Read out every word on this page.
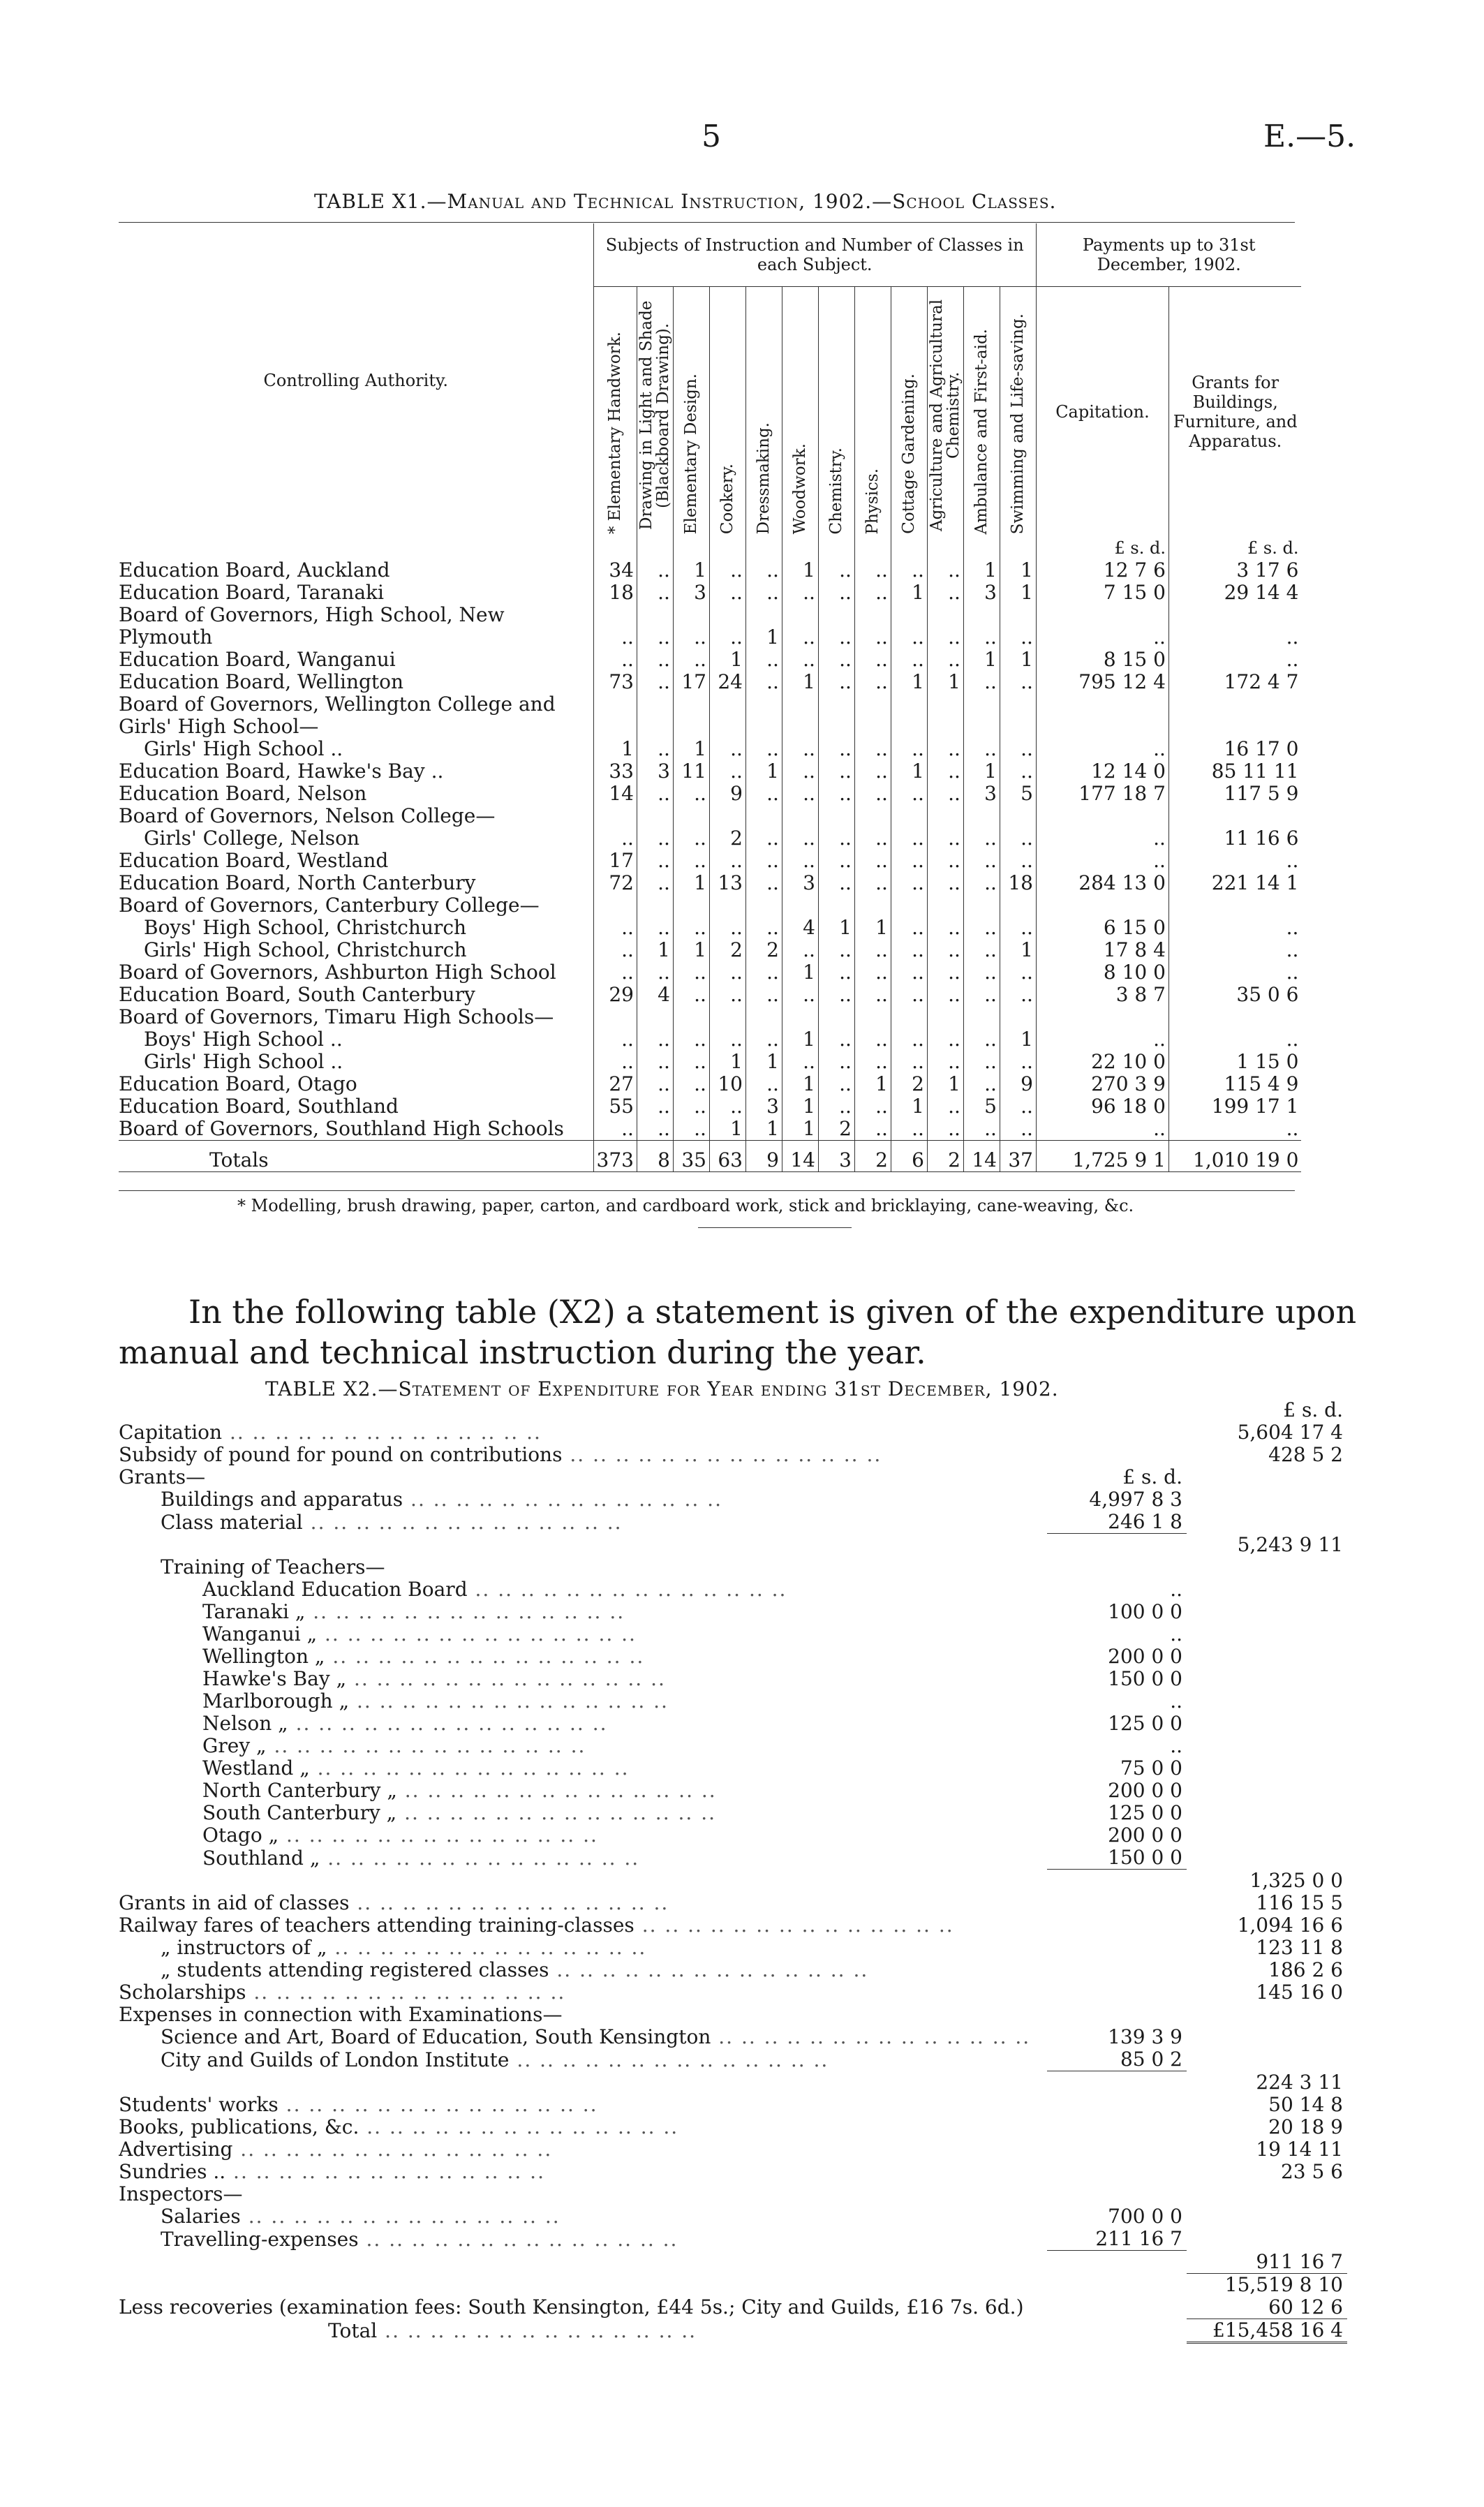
5	E.—5.
TABLE X1.—Manual and Technical Instruction, 1902.—School Classes.
Controlling Authority.	Subjects of Instruction and Number of Classes in each Subject.												Payments up to 31st December, 1902.	

	* Elementary Handwork.	Drawing in Light and Shade (Blackboard Drawing).	Elementary Design.	Cookery.	Dressmaking.	Woodwork.	Chemistry.	Physics.	Cottage Gardening.	Agriculture and Agricultural Chemistry.	Ambulance and First-aid.	Swimming and Life-saving.	Capitation.	Grants for Buildings, Furniture, and Apparatus.
													£ s. d.	£ s. d.
Education Board, Auckland	34	..	1	..	..	1	..	..	..	..	1	1	12 7 6	3 17 6
Education Board, Taranaki	18	..	3	..	..	..	..	..	1	..	3	1	7 15 0	29 14 4
Board of Governors, High School, New Plymouth	..	..	..	..	1	..	..	..	..	..	..	..	..	..
Education Board, Wanganui	..	..	..	1	..	..	..	..	..	..	1	1	8 15 0	..
Education Board, Wellington	73	..	17	24	..	1	..	..	1	1	..	..	795 12 4	172 4 7
Board of Governors, Wellington College and Girls' High School—														
Girls' High School ..	1	..	1	..	..	..	..	..	..	..	..	..	..	16 17 0
Education Board, Hawke's Bay ..	33	3	11	..	1	..	..	..	1	..	1	..	12 14 0	85 11 11
Education Board, Nelson	14	..	..	9	..	..	..	..	..	..	3	5	177 18 7	117 5 9
Board of Governors, Nelson College—														
Girls' College, Nelson	..	..	..	2	..	..	..	..	..	..	..	..	..	11 16 6
Education Board, Westland	17	..	..	..	..	..	..	..	..	..	..	..	..	..
Education Board, North Canterbury	72	..	1	13	..	3	..	..	..	..	..	18	284 13 0	221 14 1
Board of Governors, Canterbury College—														
Boys' High School, Christchurch	..	..	..	..	..	4	1	1	..	..	..	..	6 15 0	..
Girls' High School, Christchurch	..	1	1	2	2	..	..	..	..	..	..	1	17 8 4	..
Board of Governors, Ashburton High School	..	..	..	..	..	1	..	..	..	..	..	..	8 10 0	..
Education Board, South Canterbury	29	4	..	..	..	..	..	..	..	..	..	..	3 8 7	35 0 6
Board of Governors, Timaru High Schools—														
Boys' High School ..	..	..	..	..	..	1	..	..	..	..	..	1	..	..
Girls' High School ..	..	..	..	1	1	..	..	..	..	..	..	..	22 10 0	1 15 0
Education Board, Otago	27	..	..	10	..	1	..	1	2	1	..	9	270 3 9	115 4 9
Education Board, Southland	55	..	..	..	3	1	..	..	1	..	5	..	96 18 0	199 17 1
Board of Governors, Southland High Schools	..	..	..	1	1	1	2	..	..	..	..	..	..	..
Totals	373	8	35	63	9	14	3	2	6	2	14	37	1,725 9 1	1,010 19 0
* Modelling, brush drawing, paper, carton, and cardboard work, stick and bricklaying, cane-weaving, &c.
In the following table (X2) a statement is given of the expenditure upon manual and technical instruction during the year.
TABLE X2.—Statement of Expenditure for Year ending 31st December, 1902.
		£ s. d.
Capitation .. .. .. .. .. .. .. .. .. .. .. .. .. ..		5,604 17 4
Subsidy of pound for pound on contributions .. .. .. .. .. .. .. .. .. .. .. .. .. ..		428 5 2
Grants—	£ s. d.	
Buildings and apparatus .. .. .. .. .. .. .. .. .. .. .. .. .. ..	4,997 8 3	
Class material .. .. .. .. .. .. .. .. .. .. .. .. .. ..	246 1 8	
		5,243 9 11
Training of Teachers—		
Auckland Education Board .. .. .. .. .. .. .. .. .. .. .. .. .. ..	..	
Taranaki „ .. .. .. .. .. .. .. .. .. .. .. .. .. ..	100 0 0	
Wanganui „ .. .. .. .. .. .. .. .. .. .. .. .. .. ..	..	
Wellington „ .. .. .. .. .. .. .. .. .. .. .. .. .. ..	200 0 0	
Hawke's Bay „ .. .. .. .. .. .. .. .. .. .. .. .. .. ..	150 0 0	
Marlborough „ .. .. .. .. .. .. .. .. .. .. .. .. .. ..	..	
Nelson „ .. .. .. .. .. .. .. .. .. .. .. .. .. ..	125 0 0	
Grey „ .. .. .. .. .. .. .. .. .. .. .. .. .. ..	..	
Westland „ .. .. .. .. .. .. .. .. .. .. .. .. .. ..	75 0 0	
North Canterbury „ .. .. .. .. .. .. .. .. .. .. .. .. .. ..	200 0 0	
South Canterbury „ .. .. .. .. .. .. .. .. .. .. .. .. .. ..	125 0 0	
Otago „ .. .. .. .. .. .. .. .. .. .. .. .. .. ..	200 0 0	
Southland „ .. .. .. .. .. .. .. .. .. .. .. .. .. ..	150 0 0	
		1,325 0 0
Grants in aid of classes .. .. .. .. .. .. .. .. .. .. .. .. .. ..		116 15 5
Railway fares of teachers attending training-classes .. .. .. .. .. .. .. .. .. .. .. .. .. ..		1,094 16 6
„ instructors of „ .. .. .. .. .. .. .. .. .. .. .. .. .. ..		123 11 8
„ students attending registered classes .. .. .. .. .. .. .. .. .. .. .. .. .. ..		186 2 6
Scholarships .. .. .. .. .. .. .. .. .. .. .. .. .. ..		145 16 0
Expenses in connection with Examinations—		
Science and Art, Board of Education, South Kensington .. .. .. .. .. .. .. .. .. .. .. .. .. ..	139 3 9	
City and Guilds of London Institute .. .. .. .. .. .. .. .. .. .. .. .. .. ..	85 0 2	
		224 3 11
Students' works .. .. .. .. .. .. .. .. .. .. .. .. .. ..		50 14 8
Books, publications, &c. .. .. .. .. .. .. .. .. .. .. .. .. .. ..		20 18 9
Advertising .. .. .. .. .. .. .. .. .. .. .. .. .. ..		19 14 11
Sundries .. .. .. .. .. .. .. .. .. .. .. .. .. .. ..		23 5 6
Inspectors—		
Salaries .. .. .. .. .. .. .. .. .. .. .. .. .. ..	700 0 0	
Travelling-expenses .. .. .. .. .. .. .. .. .. .. .. .. .. ..	211 16 7	
		911 16 7
		15,519 8 10
Less recoveries (examination fees: South Kensington, £44 5s.; City and Guilds, £16 7s. 6d.)		60 12 6
Total .. .. .. .. .. .. .. .. .. .. .. .. .. ..		£15,458 16 4
